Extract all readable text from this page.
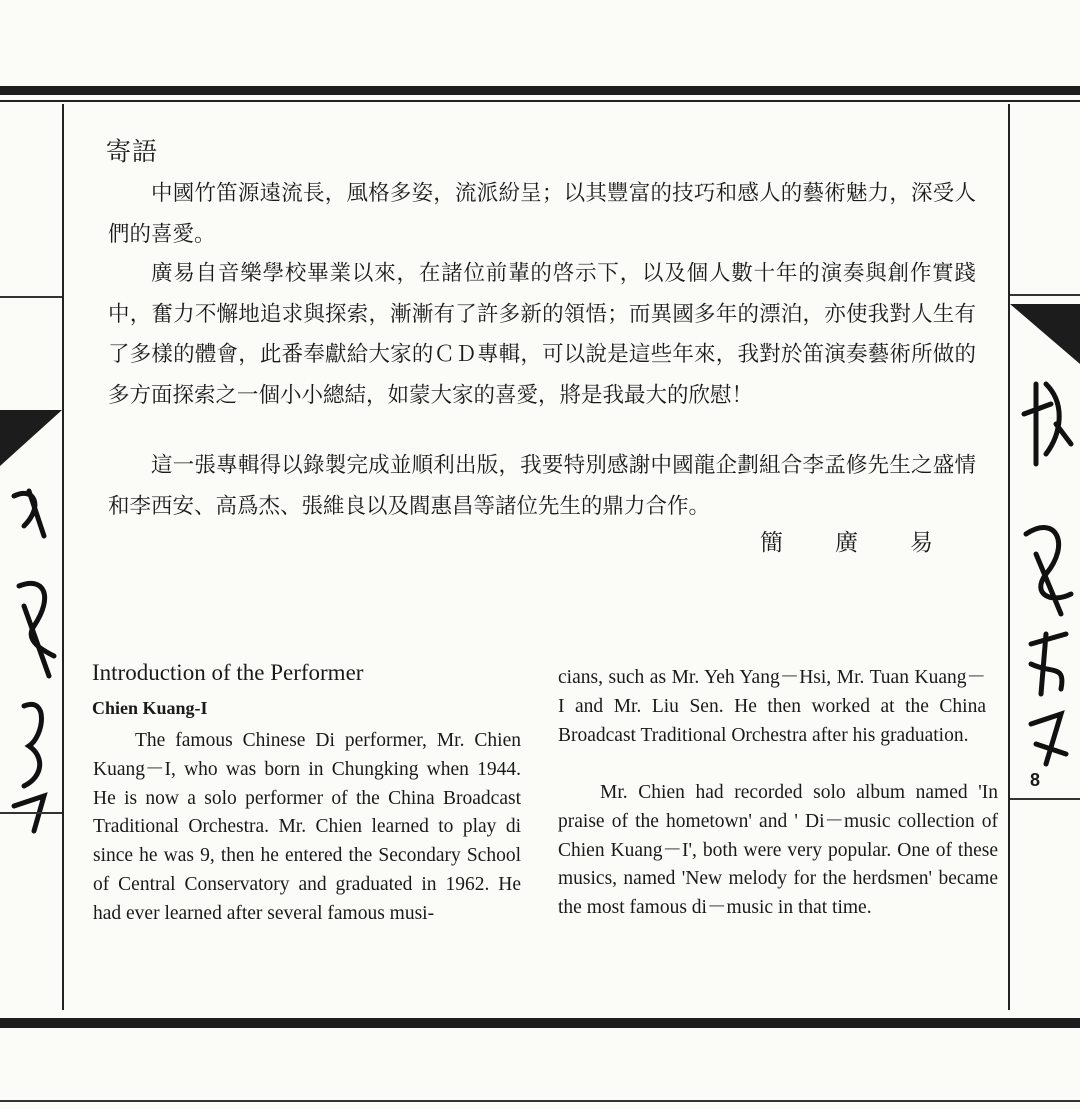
8
寄語

中國竹笛源遠流長，風格多姿，流派紛呈；以其豐富的技巧和感人的藝術魅力，深受人們的喜愛。

廣易自音樂學校畢業以來，在諸位前輩的啓示下，以及個人數十年的演奏與創作實踐中，奮力不懈地追求與探索，漸漸有了許多新的領悟；而異國多年的漂泊，亦使我對人生有了多樣的體會，此番奉獻給大家的ＣＤ專輯，可以說是這些年來，我對於笛演奏藝術所做的多方面探索之一個小小總結，如蒙大家的喜愛，將是我最大的欣慰！

這一張專輯得以錄製完成並順利出版，我要特別感謝中國龍企劃組合李孟修先生之盛情和李西安、高爲杰、張維良以及閻惠昌等諸位先生的鼎力合作。

簡廣易
Introduction of the Performer
Chien Kuang-I

The famous Chinese Di performer, Mr. Chien Kuang－I, who was born in Chungking when 1944. He is now a solo performer of the China Broadcast Traditional Orchestra. Mr. Chien learned to play di since he was 9, then he entered the Secondary School of Central Conservatory and graduated in 1962. He had ever learned after several famous musi-

cians, such as Mr. Yeh Yang－Hsi, Mr. Tuan Kuang－I and Mr. Liu Sen. He then worked at the China Broadcast Traditional Orchestra after his graduation.

Mr. Chien had recorded solo album named 'In praise of the hometown' and ' Di－music collection of Chien Kuang－I', both were very popular. One of these musics, named 'New melody for the herdsmen' became the most famous di－music in that time.
